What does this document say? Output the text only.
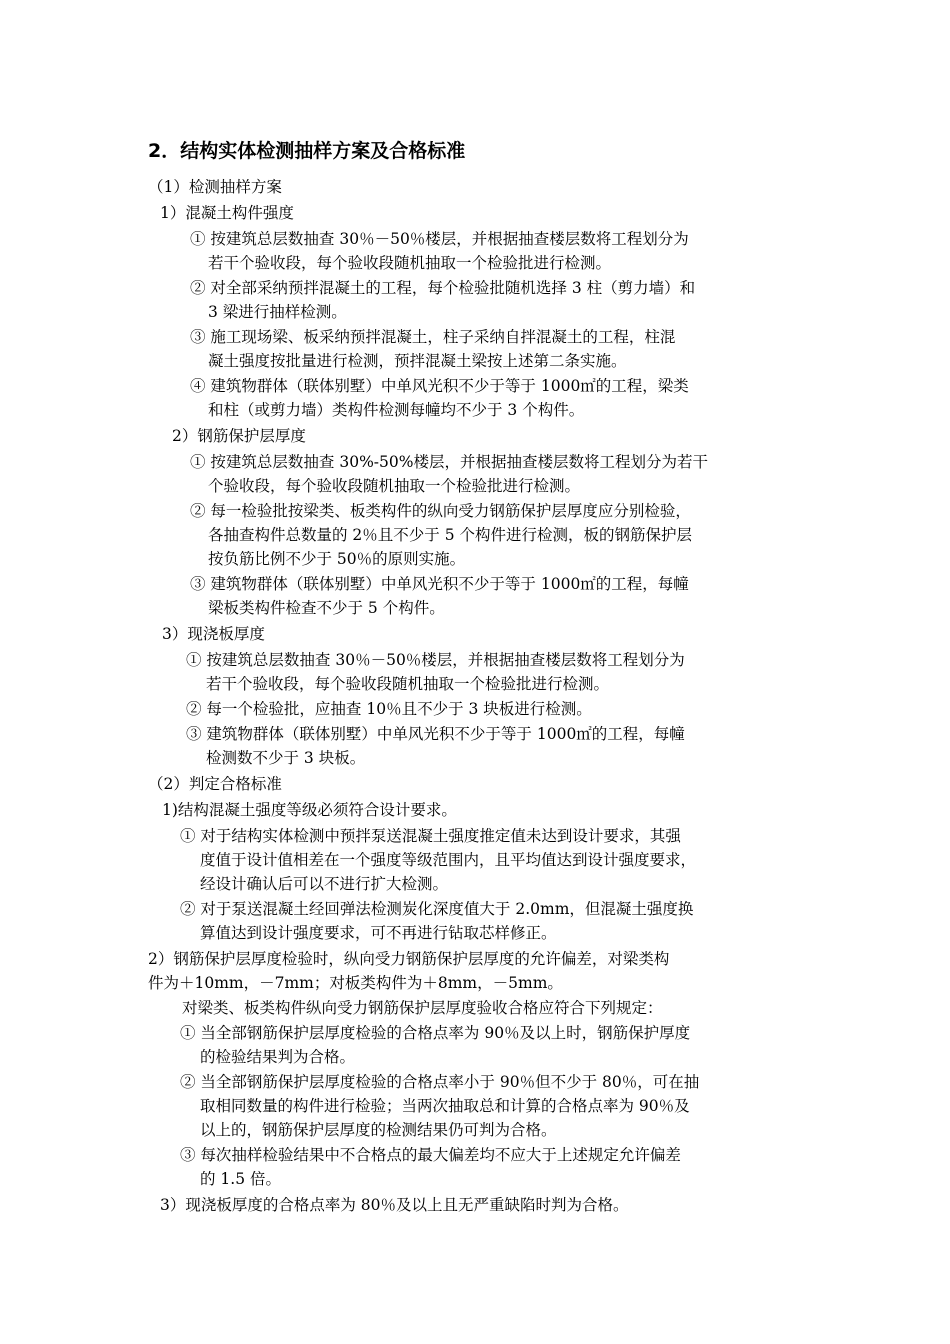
2．结构实体检测抽样方案及合格标准
（1）检测抽样方案
1）混凝土构件强度
① 按建筑总层数抽查 30％－50％楼层，并根据抽查楼层数将工程划分为
若干个验收段，每个验收段随机抽取一个检验批进行检测。
② 对全部采纳预拌混凝土的工程，每个检验批随机选择 3 柱（剪力墙）和
3 梁进行抽样检测。
③ 施工现场梁、板采纳预拌混凝土，柱子采纳自拌混凝土的工程，柱混
凝土强度按批量进行检测，预拌混凝土梁按上述第二条实施。
④ 建筑物群体（联体别墅）中单风光积不少于等于 1000㎡的工程，梁类
和柱（或剪力墙）类构件检测每幢均不少于 3 个构件。
2）钢筋保护层厚度
① 按建筑总层数抽查 30%-50%楼层，并根据抽查楼层数将工程划分为若干
个验收段，每个验收段随机抽取一个检验批进行检测。
② 每一检验批按梁类、板类构件的纵向受力钢筋保护层厚度应分别检验，
各抽查构件总数量的 2％且不少于 5 个构件进行检测，板的钢筋保护层
按负筋比例不少于 50％的原则实施。
③ 建筑物群体（联体别墅）中单风光积不少于等于 1000㎡的工程，每幢
梁板类构件检查不少于 5 个构件。
3）现浇板厚度
① 按建筑总层数抽查 30％－50％楼层，并根据抽查楼层数将工程划分为
若干个验收段，每个验收段随机抽取一个检验批进行检测。
② 每一个检验批，应抽查 10％且不少于 3 块板进行检测。
③ 建筑物群体（联体别墅）中单风光积不少于等于 1000㎡的工程，每幢
检测数不少于 3 块板。
（2）判定合格标准
1)结构混凝土强度等级必须符合设计要求。
① 对于结构实体检测中预拌泵送混凝土强度推定值未达到设计要求，其强
度值于设计值相差在一个强度等级范围内，且平均值达到设计强度要求，
经设计确认后可以不进行扩大检测。
② 对于泵送混凝土经回弹法检测炭化深度值大于 2.0mm，但混凝土强度换
算值达到设计强度要求，可不再进行钻取芯样修正。
2）钢筋保护层厚度检验时，纵向受力钢筋保护层厚度的允许偏差，对梁类构
件为＋10mm，－7mm；对板类构件为＋8mm，－5mm。
对梁类、板类构件纵向受力钢筋保护层厚度验收合格应符合下列规定：
① 当全部钢筋保护层厚度检验的合格点率为 90％及以上时，钢筋保护厚度
的检验结果判为合格。
② 当全部钢筋保护层厚度检验的合格点率小于 90％但不少于 80％，可在抽
取相同数量的构件进行检验；当两次抽取总和计算的合格点率为 90％及
以上的，钢筋保护层厚度的检测结果仍可判为合格。
③ 每次抽样检验结果中不合格点的最大偏差均不应大于上述规定允许偏差
的 1.5 倍。
3）现浇板厚度的合格点率为 80％及以上且无严重缺陷时判为合格。
